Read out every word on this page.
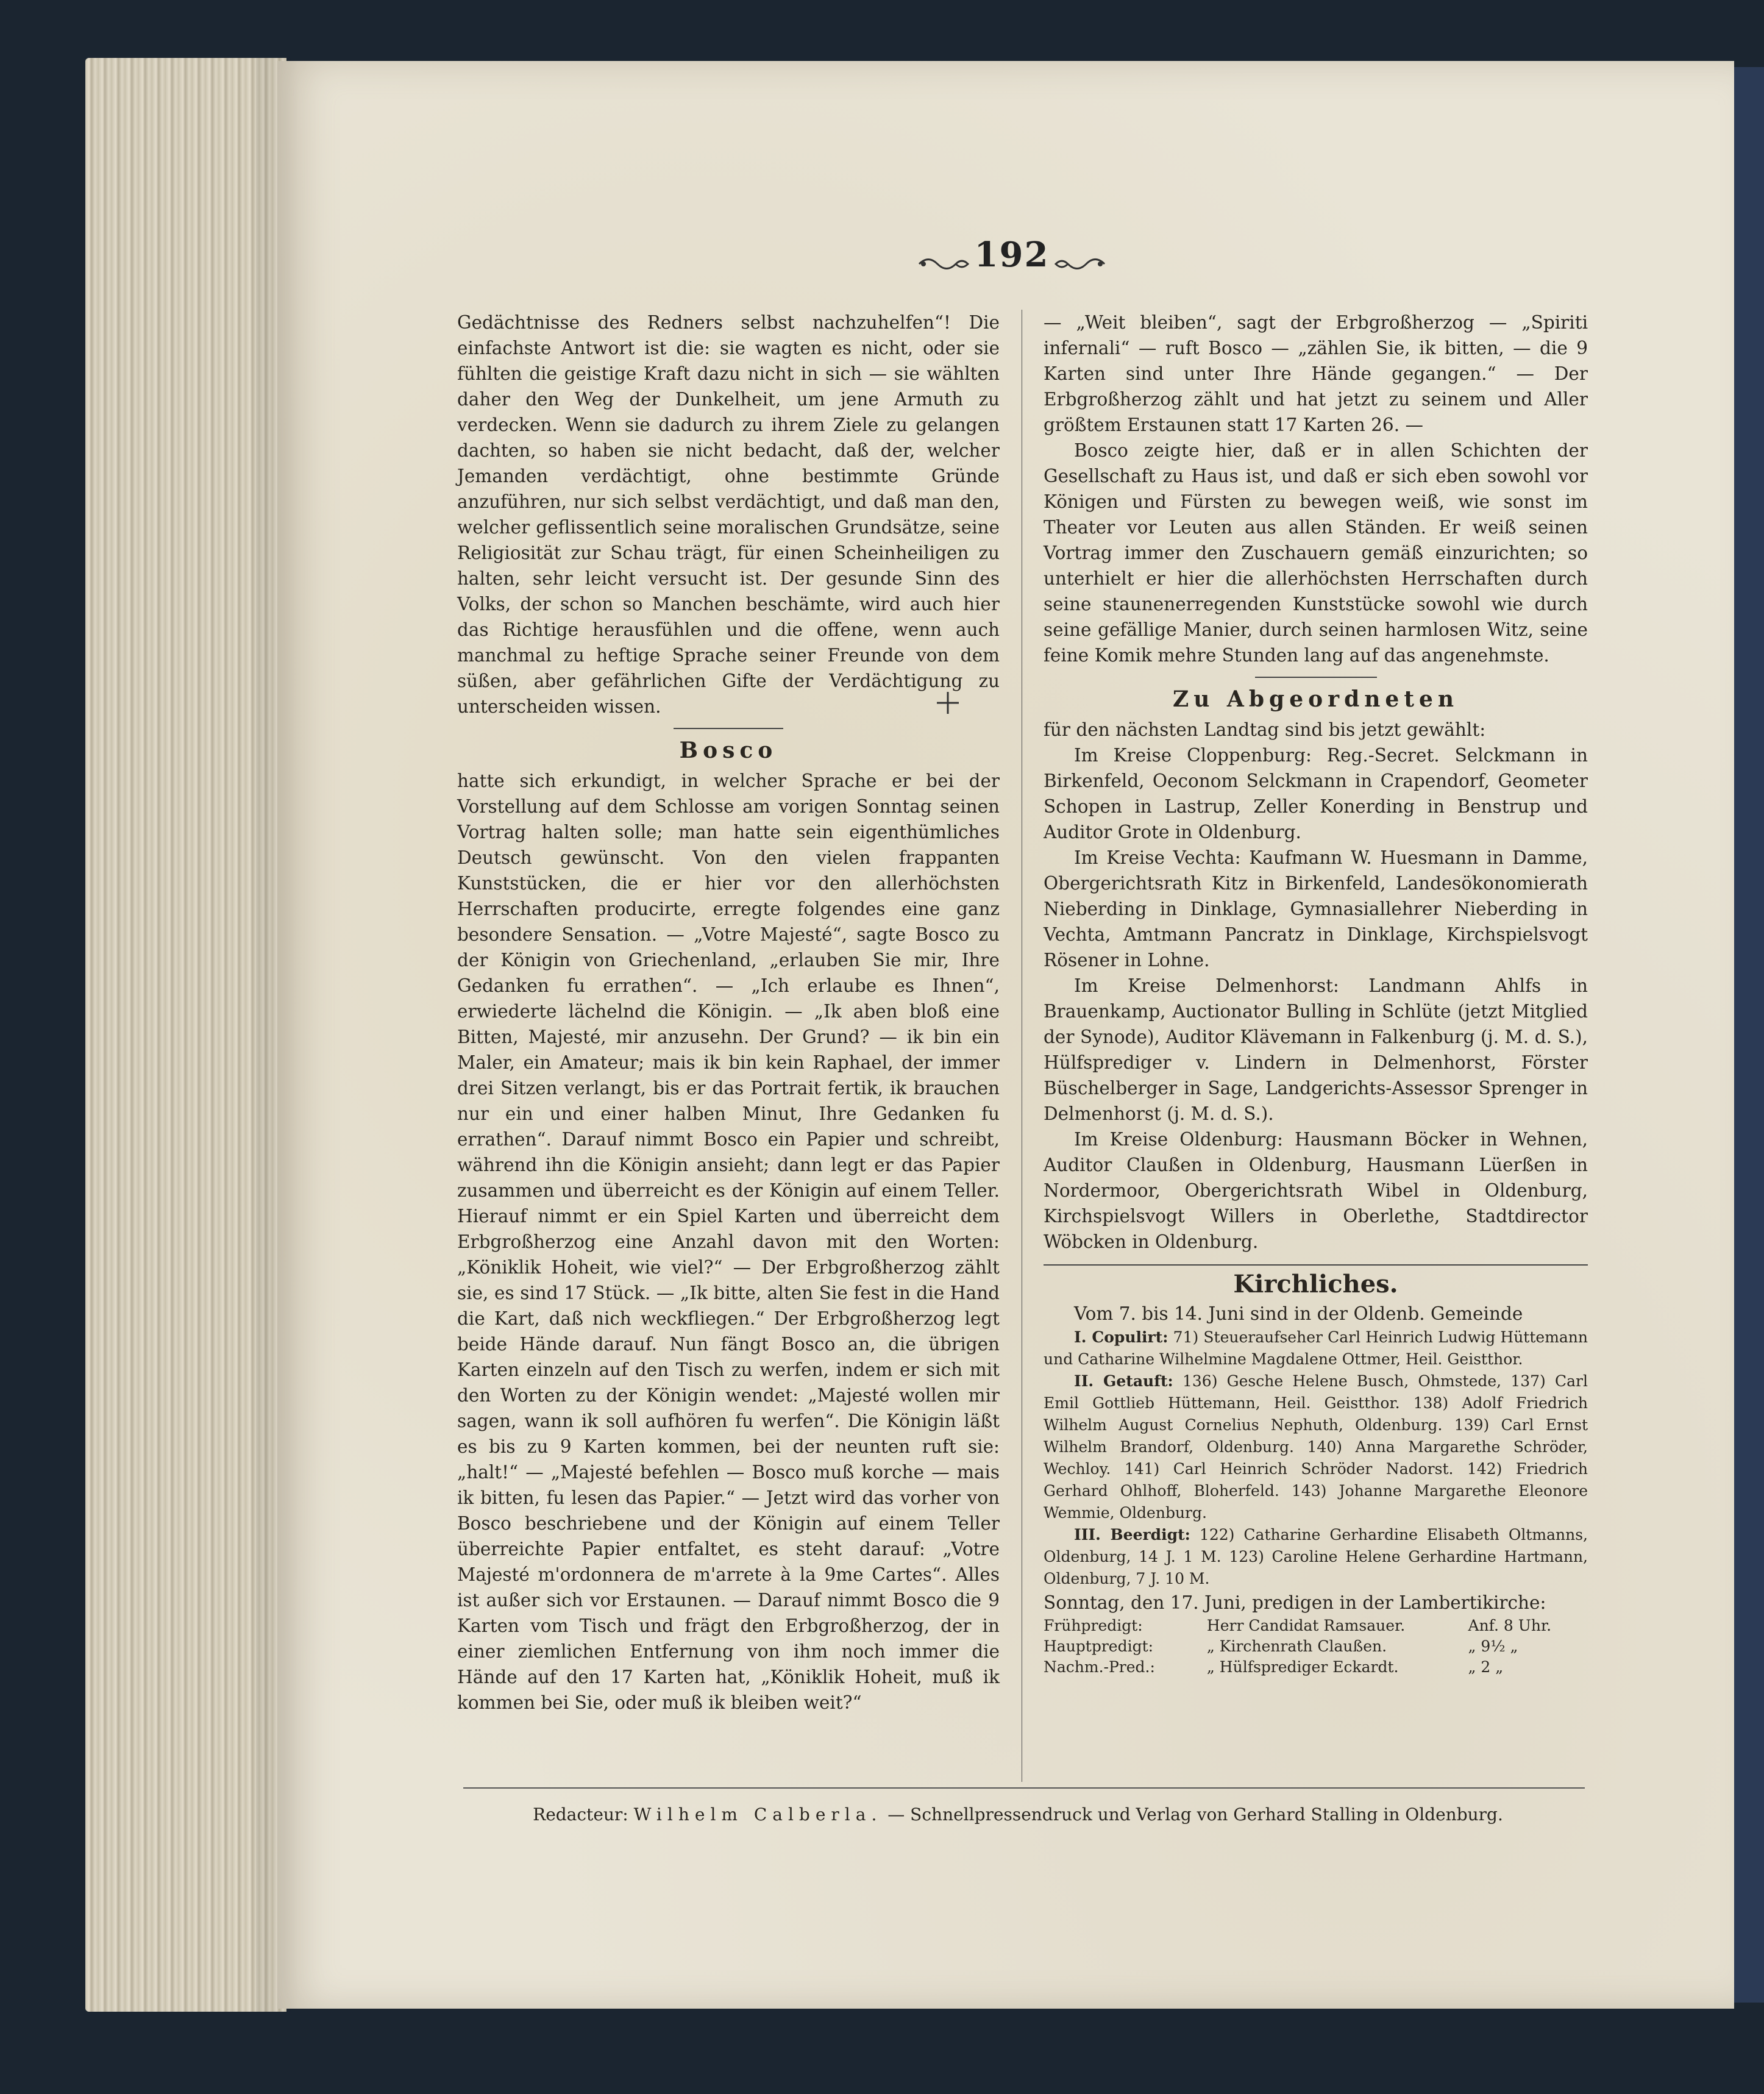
192

Gedächtnisse des Redners selbst nachzuhelfen“! Die einfachste Antwort ist die: sie wagten es nicht, oder sie fühlten die geistige Kraft dazu nicht in sich — sie wählten daher den Weg der Dunkelheit, um jene Armuth zu verdecken. Wenn sie dadurch zu ihrem Ziele zu gelangen dachten, so haben sie nicht bedacht, daß der, welcher Jemanden verdächtigt, ohne bestimmte Gründe anzuführen, nur sich selbst verdächtigt, und daß man den, welcher geflissentlich seine moralischen Grundsätze, seine Religiosität zur Schau trägt, für einen Scheinheiligen zu halten, sehr leicht versucht ist. Der gesunde Sinn des Volks, der schon so Manchen beschämte, wird auch hier das Richtige herausfühlen und die offene, wenn auch manchmal zu heftige Sprache seiner Freunde von dem süßen, aber gefährlichen Gifte der Verdächtigung zu unterscheiden wissen.

Bosco

hatte sich erkundigt, in welcher Sprache er bei der Vorstellung auf dem Schlosse am vorigen Sonntag seinen Vortrag halten solle; man hatte sein eigenthümliches Deutsch gewünscht. Von den vielen frappanten Kunststücken, die er hier vor den allerhöchsten Herrschaften producirte, erregte folgendes eine ganz besondere Sensation. — „Votre Majesté“, sagte Bosco zu der Königin von Griechenland, „erlauben Sie mir, Ihre Gedanken fu errathen“. — „Ich erlaube es Ihnen“, erwiederte lächelnd die Königin. — „Ik aben bloß eine Bitten, Majesté, mir anzusehn. Der Grund? — ik bin ein Maler, ein Amateur; mais ik bin kein Raphael, der immer drei Sitzen verlangt, bis er das Portrait fertik, ik brauchen nur ein und einer halben Minut, Ihre Gedanken fu errathen“. Darauf nimmt Bosco ein Papier und schreibt, während ihn die Königin ansieht; dann legt er das Papier zusammen und überreicht es der Königin auf einem Teller. Hierauf nimmt er ein Spiel Karten und überreicht dem Erbgroßherzog eine Anzahl davon mit den Worten: „Köniklik Hoheit, wie viel?“ — Der Erbgroßherzog zählt sie, es sind 17 Stück. — „Ik bitte, alten Sie fest in die Hand die Kart, daß nich weckfliegen.“ Der Erbgroßherzog legt beide Hände darauf. Nun fängt Bosco an, die übrigen Karten einzeln auf den Tisch zu werfen, indem er sich mit den Worten zu der Königin wendet: „Majesté wollen mir sagen, wann ik soll aufhören fu werfen“. Die Königin läßt es bis zu 9 Karten kommen, bei der neunten ruft sie: „halt!“ — „Majesté befehlen — Bosco muß korche — mais ik bitten, fu lesen das Papier.“ — Jetzt wird das vorher von Bosco beschriebene und der Königin auf einem Teller überreichte Papier entfaltet, es steht darauf: „Votre Majesté m'ordonnera de m'arrete à la 9me Cartes“. Alles ist außer sich vor Erstaunen. — Darauf nimmt Bosco die 9 Karten vom Tisch und frägt den Erbgroßherzog, der in einer ziemlichen Entfernung von ihm noch immer die Hände auf den 17 Karten hat, „Köniklik Hoheit, muß ik kommen bei Sie, oder muß ik bleiben weit?“

— „Weit bleiben“, sagt der Erbgroßherzog — „Spiriti infernali“ — ruft Bosco — „zählen Sie, ik bitten, — die 9 Karten sind unter Ihre Hände gegangen.“ — Der Erbgroßherzog zählt und hat jetzt zu seinem und Aller größtem Erstaunen statt 17 Karten 26. —

Bosco zeigte hier, daß er in allen Schichten der Gesellschaft zu Haus ist, und daß er sich eben sowohl vor Königen und Fürsten zu bewegen weiß, wie sonst im Theater vor Leuten aus allen Ständen. Er weiß seinen Vortrag immer den Zuschauern gemäß einzurichten; so unterhielt er hier die allerhöchsten Herrschaften durch seine staunenerregenden Kunststücke sowohl wie durch seine gefällige Manier, durch seinen harmlosen Witz, seine feine Komik mehre Stunden lang auf das angenehmste.

Zu Abgeordneten

für den nächsten Landtag sind bis jetzt gewählt:

Im Kreise Cloppenburg: Reg.-Secret. Selckmann in Birkenfeld, Oeconom Selckmann in Crapendorf, Geometer Schopen in Lastrup, Zeller Konerding in Benstrup und Auditor Grote in Oldenburg.

Im Kreise Vechta: Kaufmann W. Huesmann in Damme, Obergerichtsrath Kitz in Birkenfeld, Landesökonomierath Nieberding in Dinklage, Gymnasiallehrer Nieberding in Vechta, Amtmann Pancratz in Dinklage, Kirchspielsvogt Rösener in Lohne.

Im Kreise Delmenhorst: Landmann Ahlfs in Brauenkamp, Auctionator Bulling in Schlüte (jetzt Mitglied der Synode), Auditor Klävemann in Falkenburg (j. M. d. S.), Hülfsprediger v. Lindern in Delmenhorst, Förster Büschelberger in Sage, Landgerichts-Assessor Sprenger in Delmenhorst (j. M. d. S.).

Im Kreise Oldenburg: Hausmann Böcker in Wehnen, Auditor Claußen in Oldenburg, Hausmann Lüerßen in Nordermoor, Obergerichtsrath Wibel in Oldenburg, Kirchspielsvogt Willers in Oberlethe, Stadtdirector Wöbcken in Oldenburg.

Kirchliches.

Vom 7. bis 14. Juni sind in der Oldenb. Gemeinde

I. Copulirt: 71) Steueraufseher Carl Heinrich Ludwig Hüttemann und Catharine Wilhelmine Magdalene Ottmer, Heil. Geistthor.

II. Getauft: 136) Gesche Helene Busch, Ohmstede, 137) Carl Emil Gottlieb Hüttemann, Heil. Geistthor. 138) Adolf Friedrich Wilhelm August Cornelius Nephuth, Oldenburg. 139) Carl Ernst Wilhelm Brandorf, Oldenburg. 140) Anna Margarethe Schröder, Wechloy. 141) Carl Heinrich Schröder Nadorst. 142) Friedrich Gerhard Ohlhoff, Bloherfeld. 143) Johanne Margarethe Eleonore Wemmie, Oldenburg.

III. Beerdigt: 122) Catharine Gerhardine Elisabeth Oltmanns, Oldenburg, 14 J. 1 M. 123) Caroline Helene Gerhardine Hartmann, Oldenburg, 7 J. 10 M.

Sonntag, den 17. Juni, predigen in der Lambertikirche:

Frühpredigt:	Herr Candidat Ramsauer.	Anf. 8 Uhr.
Hauptpredigt:	„ Kirchenrath Claußen.	„ 9½ „
Nachm.-Pred.:	„ Hülfsprediger Eckardt.	„ 2 „
Redacteur: Wilhelm Calberla. — Schnellpressendruck und Verlag von Gerhard Stalling in Oldenburg.
